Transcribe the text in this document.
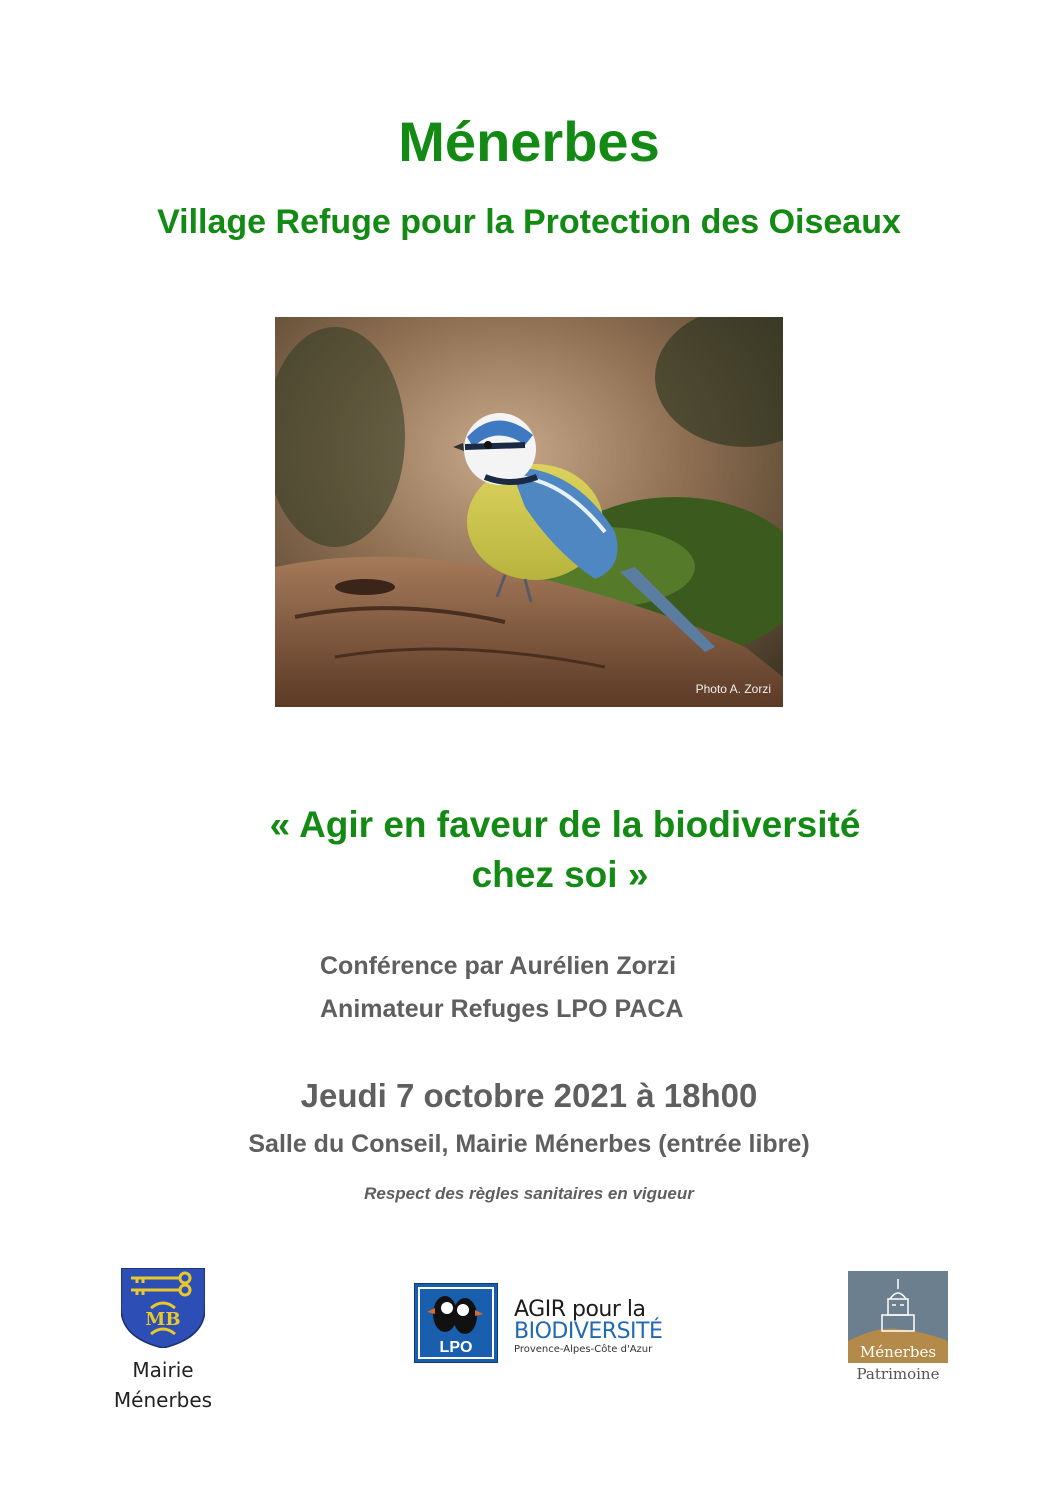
Ménerbes
Village Refuge pour la Protection des Oiseaux
Photo A. Zorzi
« Agir en faveur de la biodiversité
chez soi »
Conférence par Aurélien Zorzi
Animateur Refuges LPO PACA
Jeudi 7 octobre 2021 à 18h00
Salle du Conseil, Mairie Ménerbes (entrée libre)
Respect des règles sanitaires en vigueur
MB
Mairie
Ménerbes
LPO
AGIR pour la
BIODIVERSITÉ
Provence-Alpes-Côte d'Azur	Ménerbes
Patrimoine
